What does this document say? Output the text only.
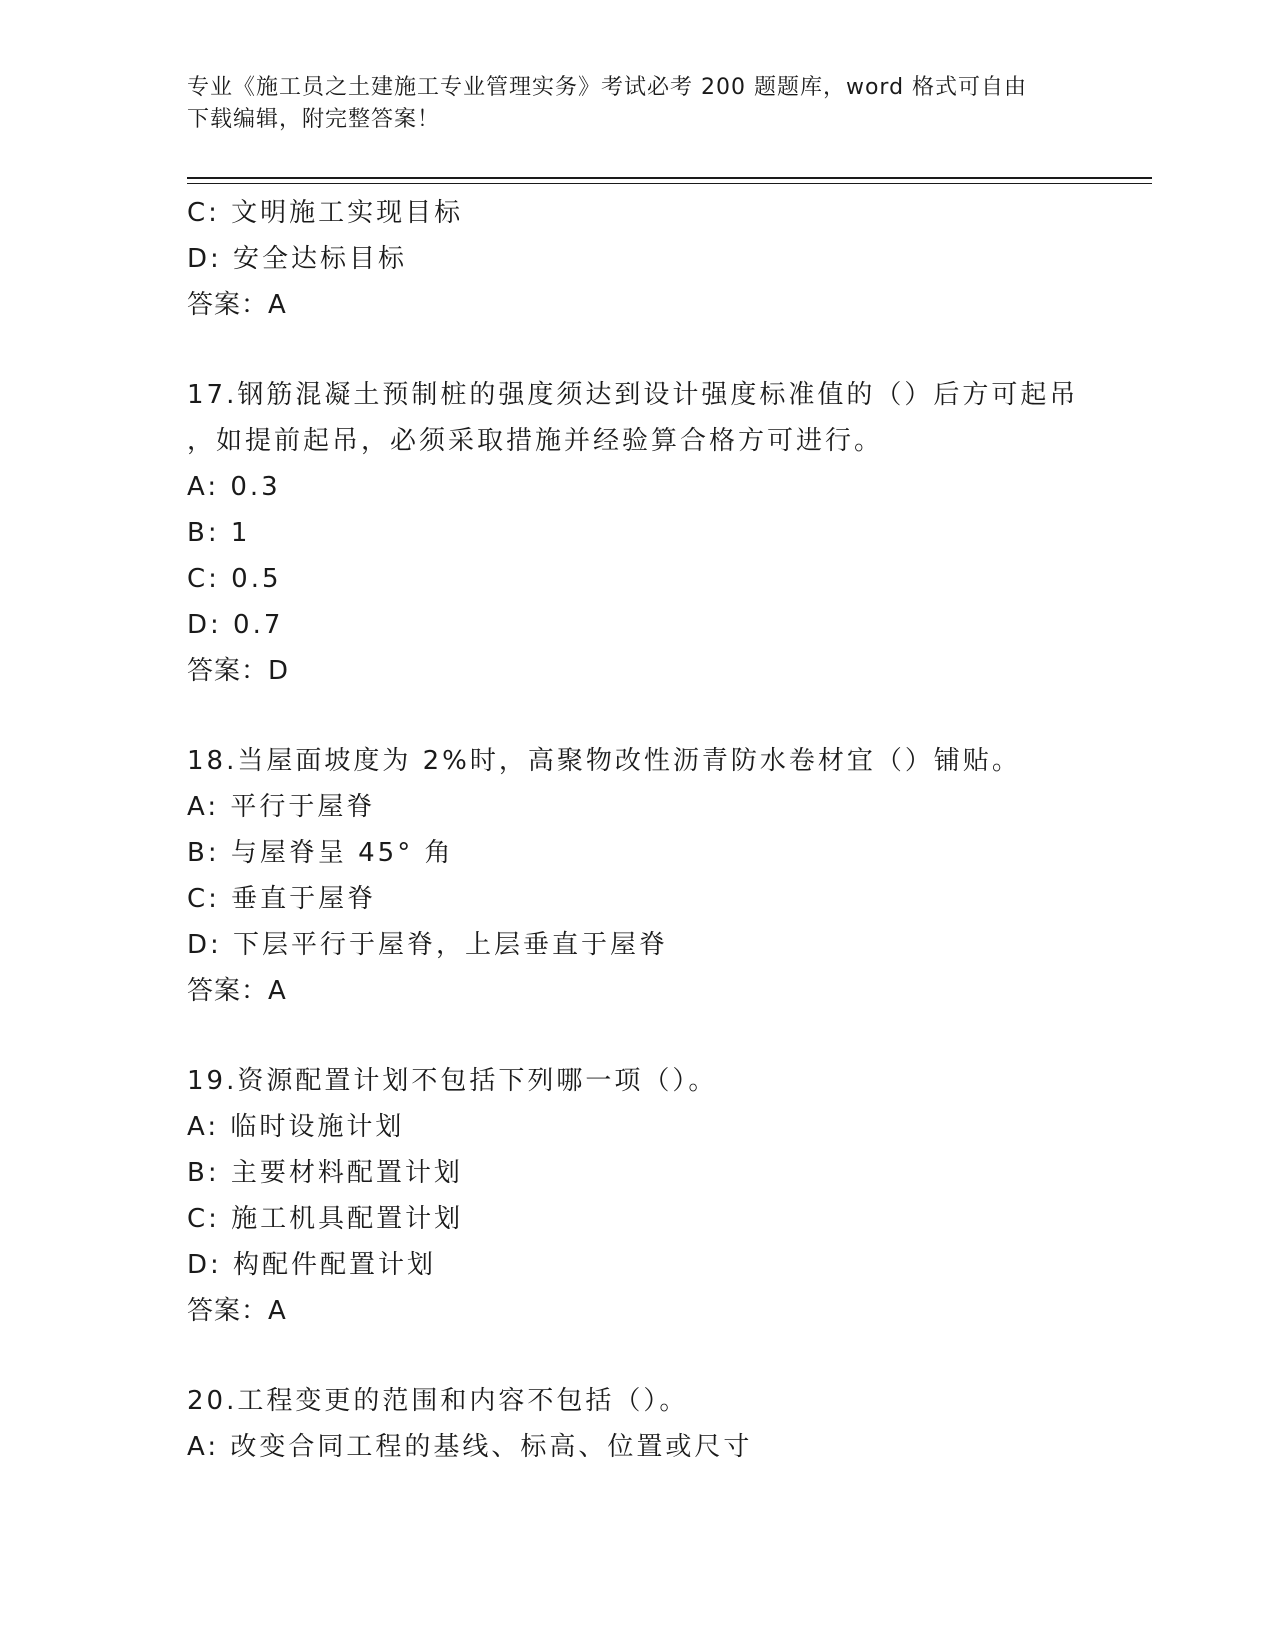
专业《施工员之土建施工专业管理实务》考试必考 200 题题库，word 格式可自由
下载编辑，附完整答案！
C: 文明施工实现目标
D: 安全达标目标
答案：A
17.钢筋混凝土预制桩的强度须达到设计强度标准值的（）后方可起吊
，如提前起吊，必须采取措施并经验算合格方可进行。
A: 0.3
B: 1
C: 0.5
D: 0.7
答案：D
18.当屋面坡度为 2%时，高聚物改性沥青防水卷材宜（）铺贴。
A: 平行于屋脊
B: 与屋脊呈 45° 角
C: 垂直于屋脊
D: 下层平行于屋脊，上层垂直于屋脊
答案：A
19.资源配置计划不包括下列哪一项（）。
A: 临时设施计划
B: 主要材料配置计划
C: 施工机具配置计划
D: 构配件配置计划
答案：A
20.工程变更的范围和内容不包括（）。
A: 改变合同工程的基线、标高、位置或尺寸
